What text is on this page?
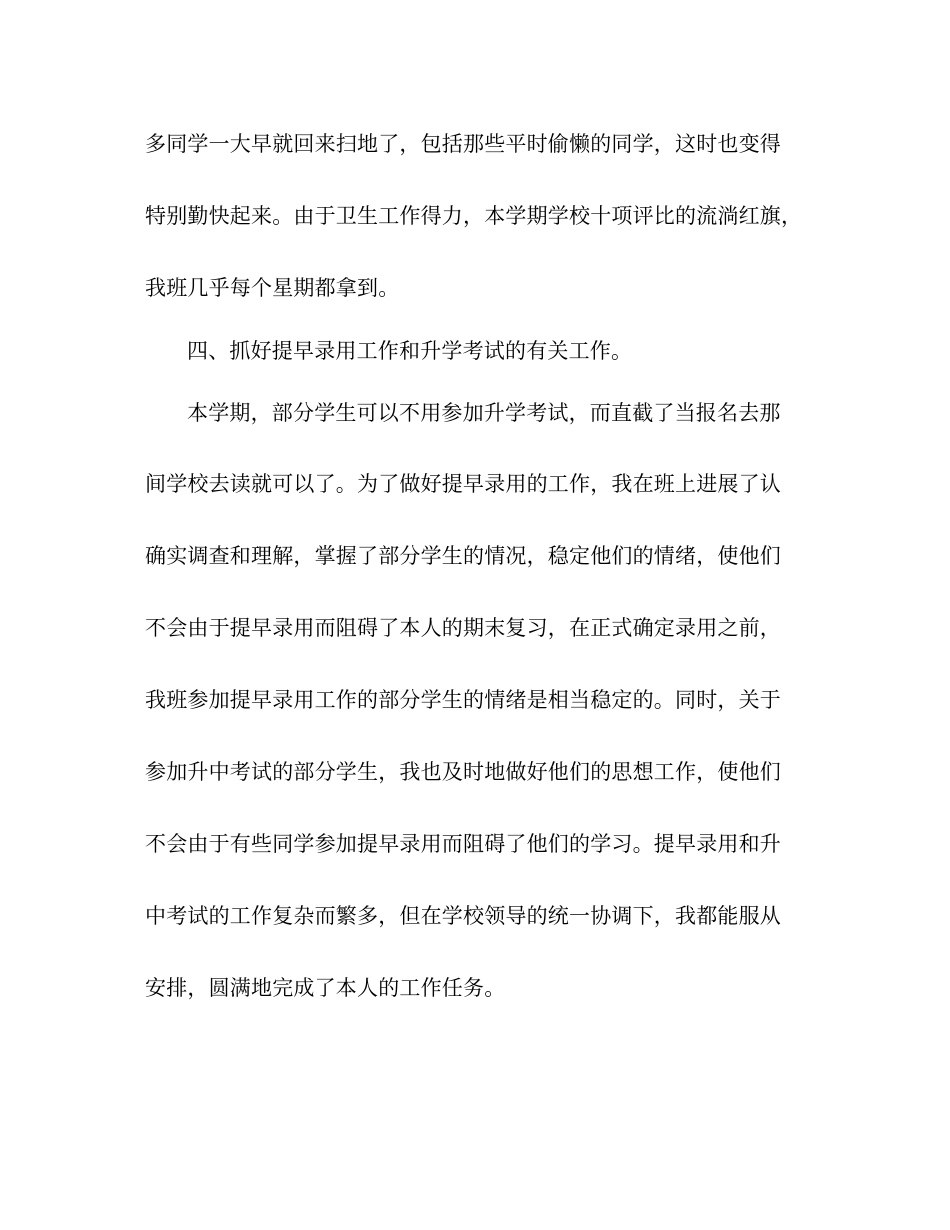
多同学一大早就回来扫地了，包括那些平时偷懒的同学，这时也变得
特别勤快起来。由于卫生工作得力，本学期学校十项评比的流淌红旗，
我班几乎每个星期都拿到。
四、抓好提早录用工作和升学考试的有关工作。
本学期，部分学生可以不用参加升学考试，而直截了当报名去那
间学校去读就可以了。为了做好提早录用的工作，我在班上进展了认
确实调查和理解，掌握了部分学生的情况，稳定他们的情绪，使他们
不会由于提早录用而阻碍了本人的期末复习，在正式确定录用之前，
我班参加提早录用工作的部分学生的情绪是相当稳定的。同时，关于
参加升中考试的部分学生，我也及时地做好他们的思想工作，使他们
不会由于有些同学参加提早录用而阻碍了他们的学习。提早录用和升
中考试的工作复杂而繁多，但在学校领导的统一协调下，我都能服从
安排，圆满地完成了本人的工作任务。
